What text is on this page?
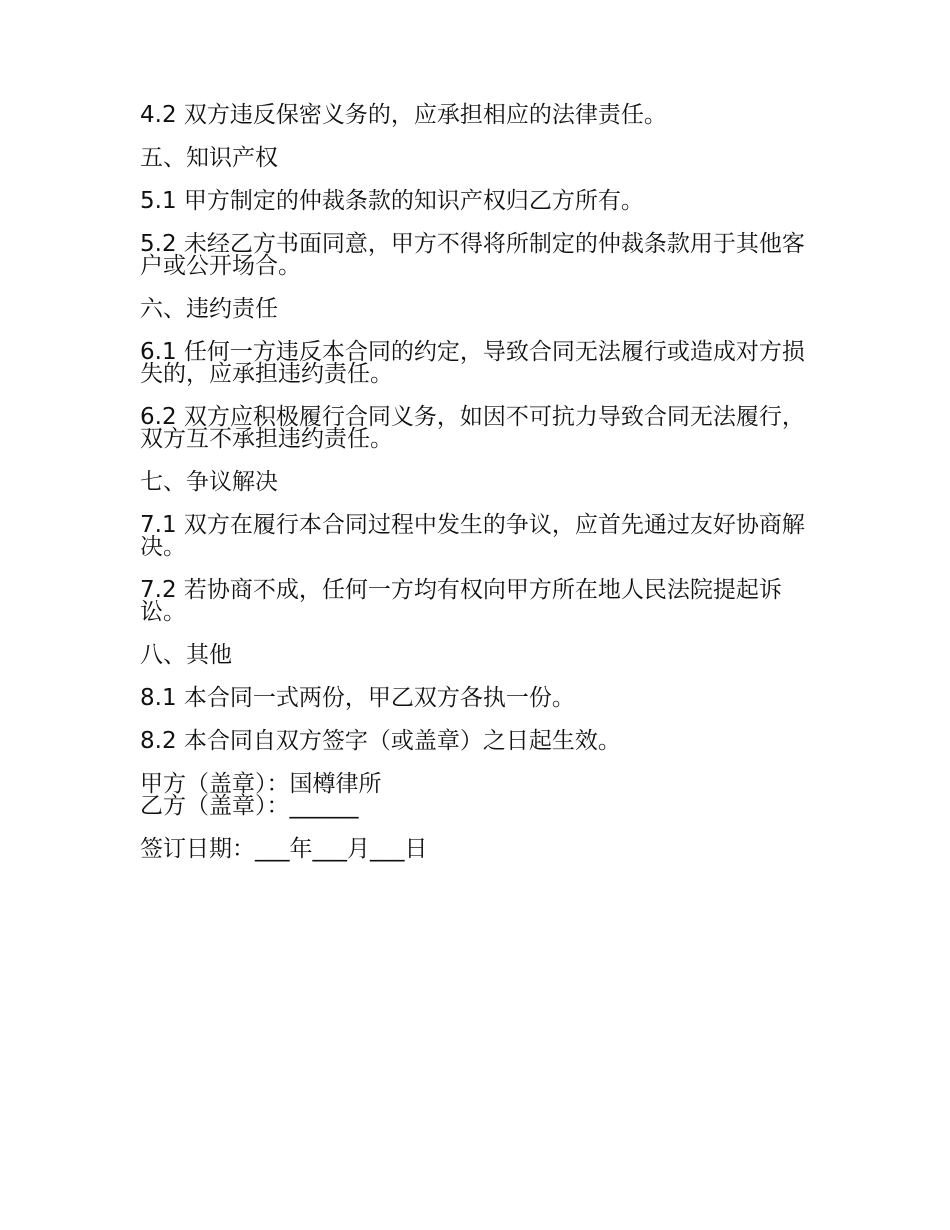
4.2 双方违反保密义务的，应承担相应的法律责任。

五、知识产权

5.1 甲方制定的仲裁条款的知识产权归乙方所有。

5.2 未经乙方书面同意，甲方不得将所制定的仲裁条款用于其他客户或公开场合。

六、违约责任

6.1 任何一方违反本合同的约定，导致合同无法履行或造成对方损失的，应承担违约责任。

6.2 双方应积极履行合同义务，如因不可抗力导致合同无法履行，双方互不承担违约责任。

七、争议解决

7.1 双方在履行本合同过程中发生的争议，应首先通过友好协商解决。

7.2 若协商不成，任何一方均有权向甲方所在地人民法院提起诉讼。

八、其他

8.1 本合同一式两份，甲乙双方各执一份。

8.2 本合同自双方签字（或盖章）之日起生效。

甲方（盖章）：国樽律所
乙方（盖章）：______

签订日期：___年___月___日
